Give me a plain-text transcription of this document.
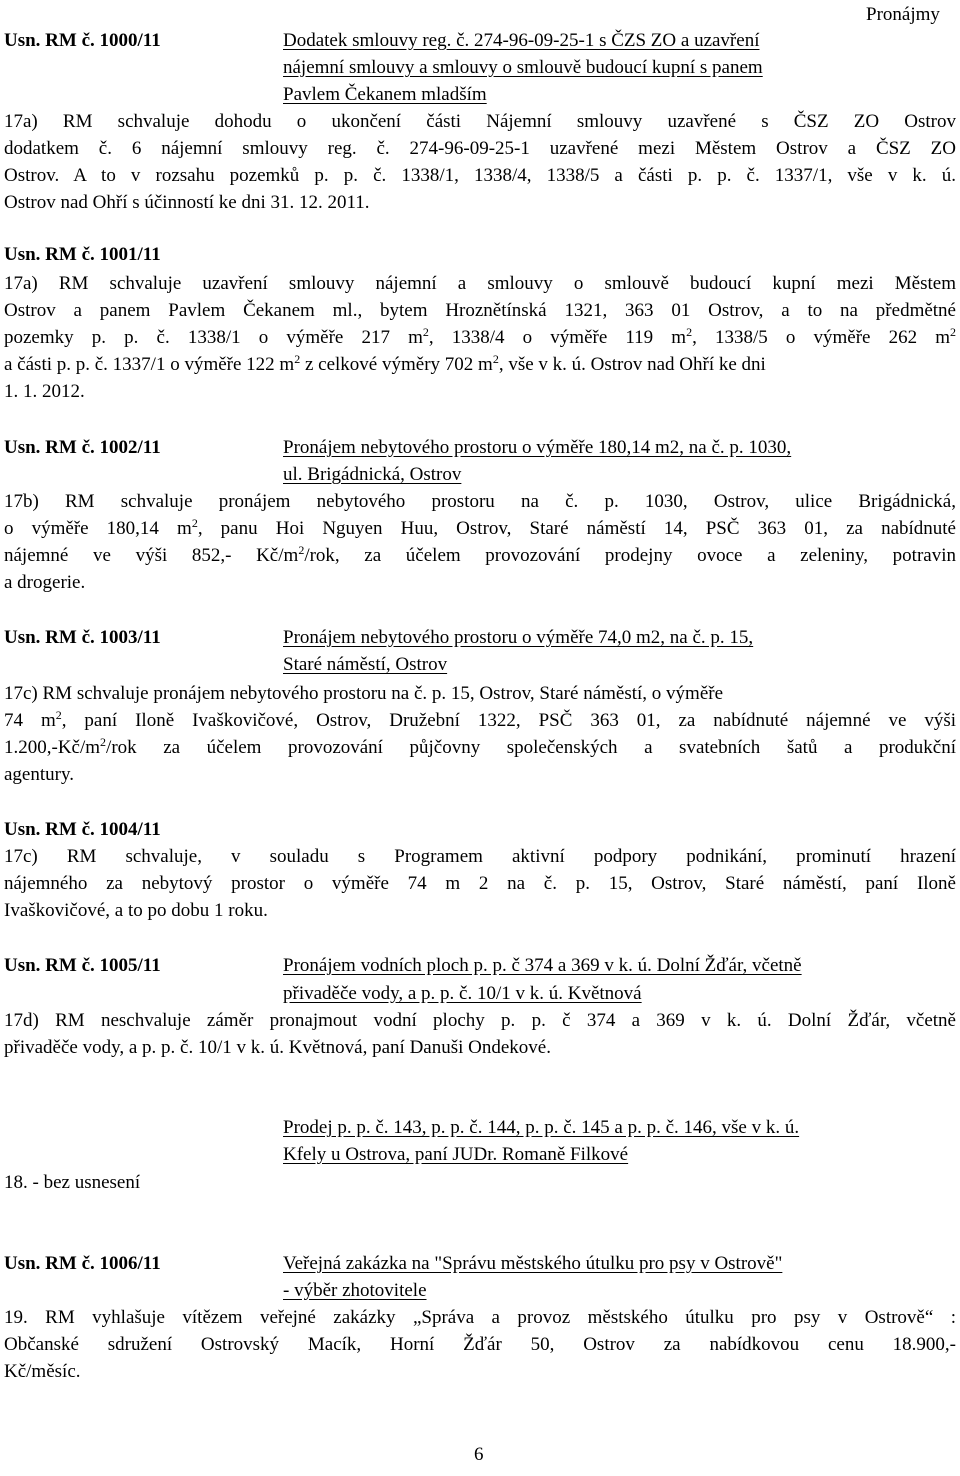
Pronájmy
Usn. RM č. 1000/11	Dodatek smlouvy reg. č. 274-96-09-25-1 s ČZS ZO a uzavření
nájemní smlouvy a smlouvy o smlouvě budoucí kupní s panem
Pavlem Čekanem mladším
17a) RM schvaluje dohodu o ukončení části Nájemní smlouvy uzavřené s ČSZ ZO Ostrov
dodatkem č. 6 nájemní smlouvy reg. č. 274-96-09-25-1 uzavřené mezi Městem Ostrov a ČSZ ZO
Ostrov. A to v rozsahu pozemků p. p. č. 1338/1, 1338/4, 1338/5 a části p. p. č. 1337/1, vše v k. ú.
Ostrov nad Ohří s účinností ke dni 31. 12. 2011.
Usn. RM č. 1001/11
17a) RM schvaluje uzavření smlouvy nájemní a smlouvy o smlouvě budoucí kupní mezi Městem
Ostrov a panem Pavlem Čekanem ml., bytem Hroznětínská 1321, 363 01 Ostrov, a to na předmětné
pozemky p. p. č. 1338/1 o výměře 217 $m^2$, 1338/4 o výměře 119 $m^2$, 1338/5 o výměře 262 $m^2$
a části p. p. č. 1337/1 o výměře 122 $m^2$ z celkové výměry 702 $m^2$, vše v k. ú. Ostrov nad Ohří ke dni
1. 1. 2012.
Usn. RM č. 1002/11	Pronájem nebytového prostoru o výměře 180,14 m2, na č. p. 1030,
ul. Brigádnická, Ostrov
17b) RM schvaluje pronájem nebytového prostoru na č. p. 1030, Ostrov, ulice Brigádnická,
o výměře 180,14 $m^2$, panu Hoi Nguyen Huu, Ostrov, Staré náměstí 14, PSČ 363 01, za nabídnuté
nájemné ve výši 852,- $Kč/m^2$/rok, za účelem provozování prodejny ovoce a zeleniny, potravin
a drogerie.
Usn. RM č. 1003/11	Pronájem nebytového prostoru o výměře 74,0 m2, na č. p. 15,
Staré náměstí, Ostrov
17c) RM schvaluje pronájem nebytového prostoru na č. p. 15, Ostrov, Staré náměstí, o výměře
74 $m^2$, paní Iloně Ivaškovičové, Ostrov, Družební 1322, PSČ 363 01, za nabídnuté nájemné ve výši
$1.200,-Kč/m^2$/rok za účelem provozování půjčovny společenských a svatebních šatů a produkční
agentury.
Usn. RM č. 1004/11
17c) RM schvaluje, v souladu s Programem aktivní podpory podnikání, prominutí hrazení
nájemného za nebytový prostor o výměře 74 m 2 na č. p. 15, Ostrov, Staré náměstí, paní Iloně
Ivaškovičové, a to po dobu 1 roku.
Usn. RM č. 1005/11	Pronájem vodních ploch p. p. č 374 a 369 v k. ú. Dolní Žďár, včetně
přivaděče vody, a p. p. č. 10/1 v k. ú. Květnová
17d) RM neschvaluje záměr pronajmout vodní plochy p. p. č 374 a 369 v k. ú. Dolní Žďár, včetně
přivaděče vody, a p. p. č. 10/1 v k. ú. Květnová, paní Danuši Ondekové.
Prodej p. p. č. 143, p. p. č. 144, p. p. č. 145 a p. p. č. 146, vše v k. ú.
Kfely u Ostrova, paní JUDr. Romaně Filkové
18. - bez usnesení
Usn. RM č. 1006/11	Veřejná zakázka na "Správu městského útulku pro psy v Ostrově"
- výběr zhotovitele
19. RM vyhlašuje vítězem veřejné zakázky „Správa a provoz městského útulku pro psy v Ostrově“ :
Občanské sdružení Ostrovský Macík, Horní Žďár 50, Ostrov za nabídkovou cenu 18.900,-
Kč/měsíc.
6
